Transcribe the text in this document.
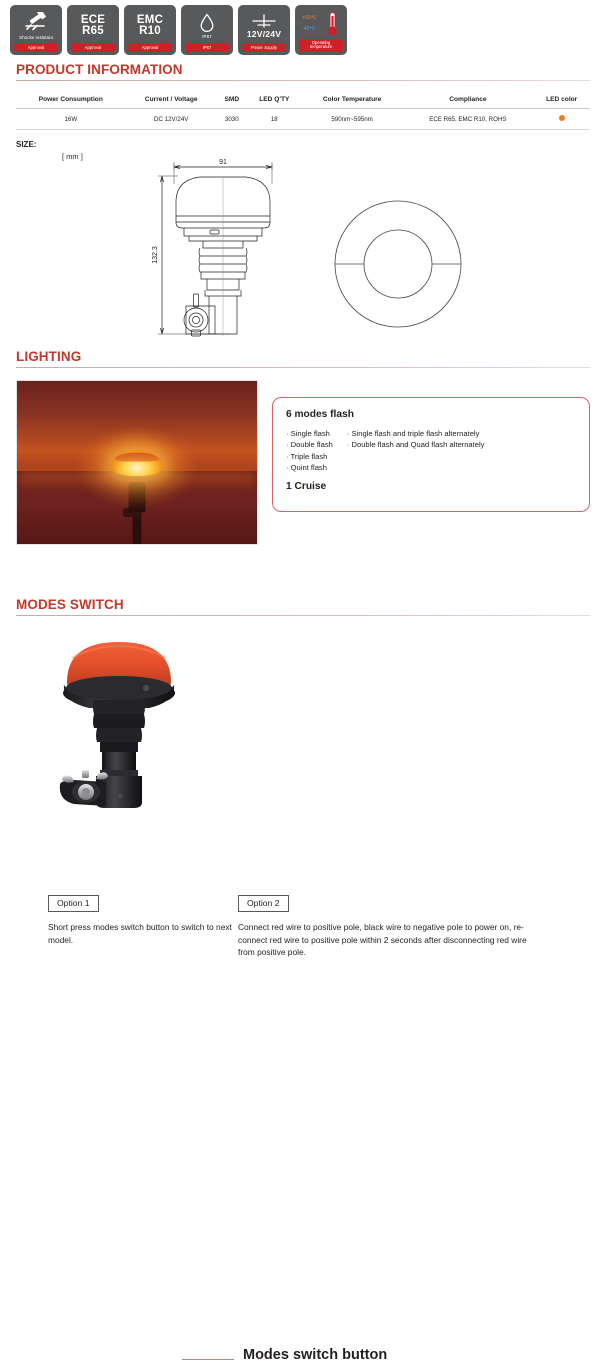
Shocks resistant
Approval
ECE
R65
Approval
EMC
R10
Approval
IP67
IP67
12V/24V
Power Supply
+65℃
-40℃
Operating temperature
PRODUCT INFORMATION
Power Consumption	Current / Voltage	SMD	LED Q'TY	Color Temperature	Compliance	LED color
16W	DC 12V/24V	3030	18	590nm~595nm	ECE R65, EMC R10, ROHS	
SIZE:
[ mm ]
91
132.3
LIGHTING
6 modes flash
· Single flash
· Double flash
· Triple flash
· Quint flash
· Single flash and triple flash alternately
· Double flash and Quad flash alternately
1 Cruise
MODES SWITCH
Modes switch button
Option 1
Short press modes switch button to switch to next model.
Option 2
Connect red wire to positive pole, black wire to negative pole to power on, re-connect red wire to positive pole within 2 seconds after disconnecting red wire from positive pole.
